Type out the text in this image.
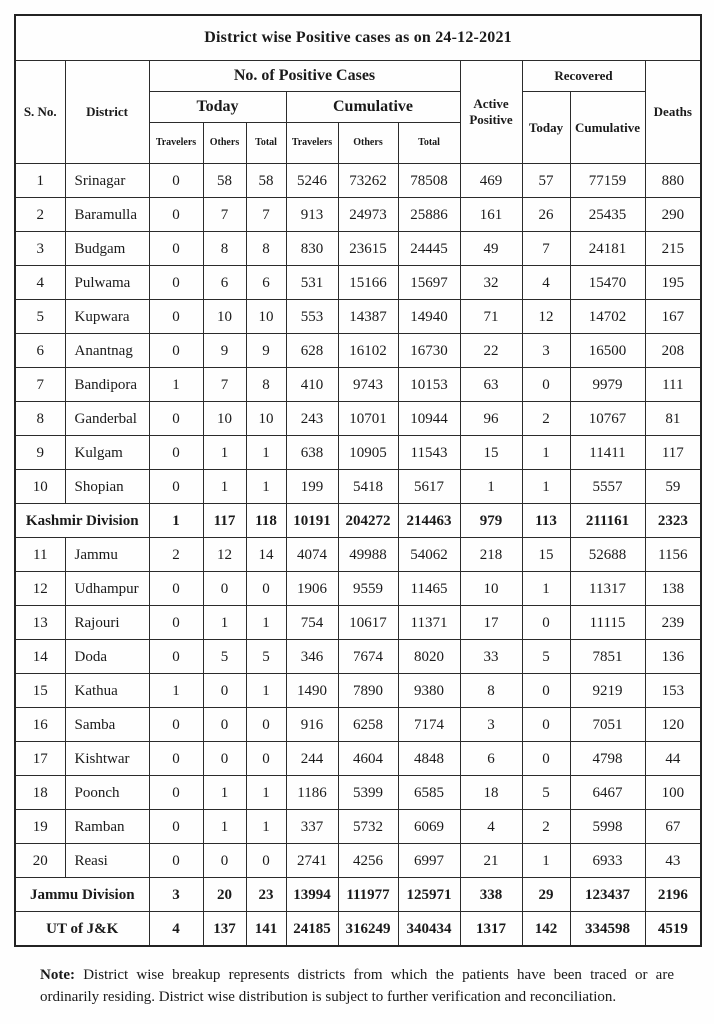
District wise Positive cases as on 24-12-2021											
S. No.	District	No. of Positive Cases						Active Positive	Recovered		Deaths
		Today			Cumulative				Today	Cumulative	
		Travelers	Others	Total	Travelers	Others	Total				
1	Srinagar	0	58	58	5246	73262	78508	469	57	77159	880
2	Baramulla	0	7	7	913	24973	25886	161	26	25435	290
3	Budgam	0	8	8	830	23615	24445	49	7	24181	215
4	Pulwama	0	6	6	531	15166	15697	32	4	15470	195
5	Kupwara	0	10	10	553	14387	14940	71	12	14702	167
6	Anantnag	0	9	9	628	16102	16730	22	3	16500	208
7	Bandipora	1	7	8	410	9743	10153	63	0	9979	111
8	Ganderbal	0	10	10	243	10701	10944	96	2	10767	81
9	Kulgam	0	1	1	638	10905	11543	15	1	11411	117
10	Shopian	0	1	1	199	5418	5617	1	1	5557	59
Kashmir Division		1	117	118	10191	204272	214463	979	113	211161	2323
11	Jammu	2	12	14	4074	49988	54062	218	15	52688	1156
12	Udhampur	0	0	0	1906	9559	11465	10	1	11317	138
13	Rajouri	0	1	1	754	10617	11371	17	0	11115	239
14	Doda	0	5	5	346	7674	8020	33	5	7851	136
15	Kathua	1	0	1	1490	7890	9380	8	0	9219	153
16	Samba	0	0	0	916	6258	7174	3	0	7051	120
17	Kishtwar	0	0	0	244	4604	4848	6	0	4798	44
18	Poonch	0	1	1	1186	5399	6585	18	5	6467	100
19	Ramban	0	1	1	337	5732	6069	4	2	5998	67
20	Reasi	0	0	0	2741	4256	6997	21	1	6933	43
Jammu Division		3	20	23	13994	111977	125971	338	29	123437	2196
UT of J&K		4	137	141	24185	316249	340434	1317	142	334598	4519

Note: District wise breakup represents districts from which the patients have been traced or are ordinarily residing. District wise distribution is subject to further verification and reconciliation.
